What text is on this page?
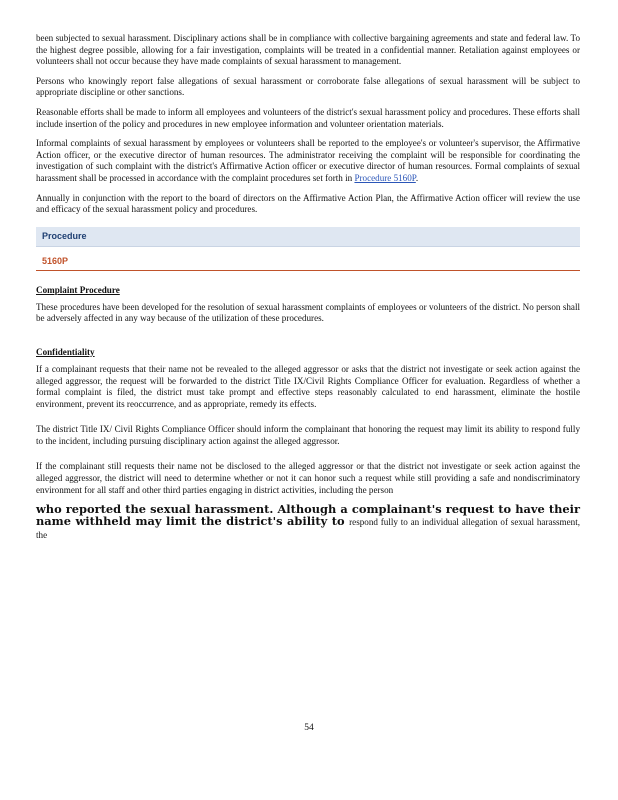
been subjected to sexual harassment. Disciplinary actions shall be in compliance with collective bargaining agreements and state and federal law. To the highest degree possible, allowing for a fair investigation, complaints will be treated in a confidential manner. Retaliation against employees or volunteers shall not occur because they have made complaints of sexual harassment to management.

Persons who knowingly report false allegations of sexual harassment or corroborate false allegations of sexual harassment will be subject to appropriate discipline or other sanctions.

Reasonable efforts shall be made to inform all employees and volunteers of the district's sexual harassment policy and procedures. These efforts shall include insertion of the policy and procedures in new employee information and volunteer orientation materials.

Informal complaints of sexual harassment by employees or volunteers shall be reported to the employee's or volunteer's supervisor, the Affirmative Action officer, or the executive director of human resources. The administrator receiving the complaint will be responsible for coordinating the investigation of such complaint with the district's Affirmative Action officer or executive director of human resources. Formal complaints of sexual harassment shall be processed in accordance with the complaint procedures set forth in Procedure 5160P.

Annually in conjunction with the report to the board of directors on the Affirmative Action Plan, the Affirmative Action officer will review the use and efficacy of the sexual harassment policy and procedures.

Procedure
5160P
Complaint Procedure

These procedures have been developed for the resolution of sexual harassment complaints of employees or volunteers of the district. No person shall be adversely affected in any way because of the utilization of these procedures.

Confidentiality

If a complainant requests that their name not be revealed to the alleged aggressor or asks that the district not investigate or seek action against the alleged aggressor, the request will be forwarded to the district Title IX/Civil Rights Compliance Officer for evaluation. Regardless of whether a formal complaint is filed, the district must take prompt and effective steps reasonably calculated to end harassment, eliminate the hostile environment, prevent its reoccurrence, and as appropriate, remedy its effects.

The district Title IX/ Civil Rights Compliance Officer should inform the complainant that honoring the request may limit its ability to respond fully to the incident, including pursuing disciplinary action against the alleged aggressor.

If the complainant still requests their name not be disclosed to the alleged aggressor or that the district not investigate or seek action against the alleged aggressor, the district will need to determine whether or not it can honor such a request while still providing a safe and nondiscriminatory environment for all staff and other third parties engaging in district activities, including the person

who reported the sexual harassment. Although a complainant's request to have their name withheld may limit the district's ability to respond fully to an individual allegation of sexual harassment, the

54
